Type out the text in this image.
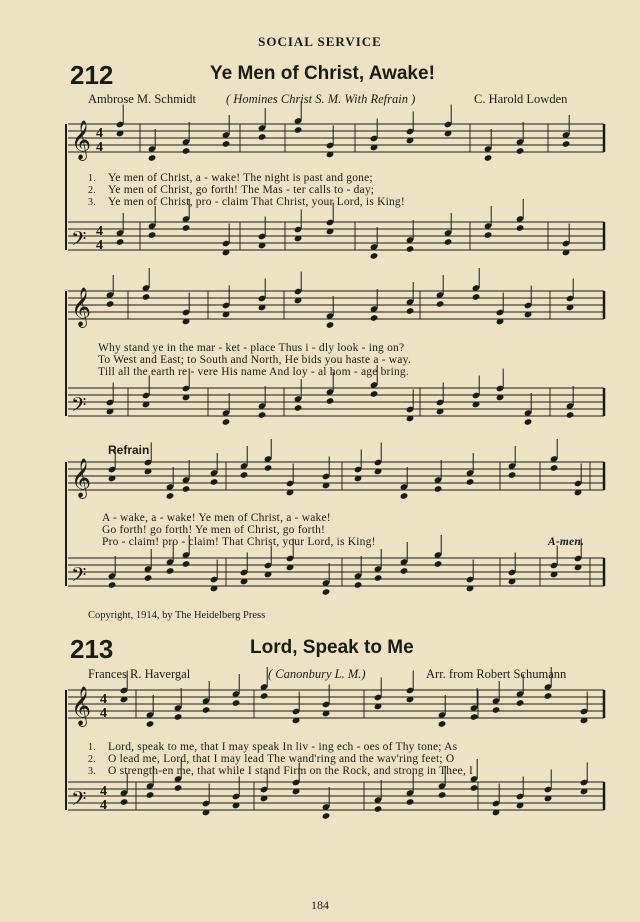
SOCIAL SERVICE
212	Ye Men of Christ, Awake!
Ambrose M. Schmidt ( Homines Christ S. M. With Refrain )	C. Harold Lowden
𝄞 4
4
𝄢 4
4
𝄞
𝄢
𝄞
𝄢
𝄞 4
4
𝄢 4
4
1. Ye men of Christ, a - wake! The night is past and gone;
2. Ye men of Christ, go forth! The Mas - ter calls to - day;
3. Ye men of Christ, pro - claim That Christ, your Lord, is King!
Why stand ye in the mar - ket - place Thus i - dly look - ing on?
To West and East; to South and North, He bids you haste a - way.
Till all the earth re - vere His name And loy - al hom - age bring.
Refrain
A - wake, a - wake! Ye men of Christ, a - wake!
Go forth! go forth! Ye men of Christ, go forth!
Pro - claim! pro - claim! That Christ, your Lord, is King!	A-men.
Copyright, 1914, by The Heidelberg Press
213	Lord, Speak to Me
Frances R. Havergal	( Canonbury L. M.)	Arr. from Robert Schumann
1. Lord, speak to me, that I may speak In liv - ing ech - oes of Thy tone; As
2. O lead me, Lord, that I may lead The wand'ring and the wav'ring feet; O
3. O strength-en me, that while I stand Firm on the Rock, and strong in Thee, I
184
